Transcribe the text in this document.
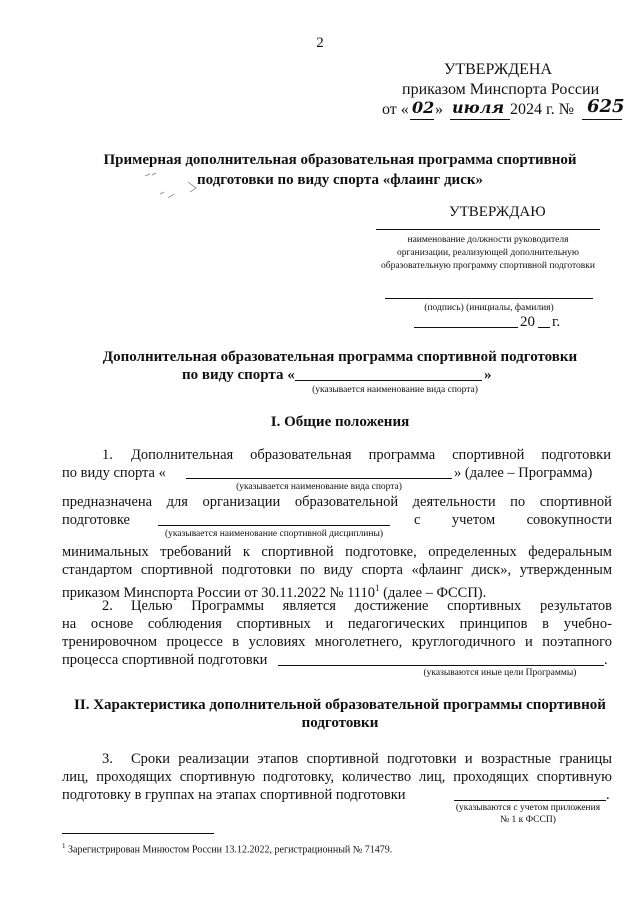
2
УТВЕРЖДЕНА
приказом Минспорта России
от « 02 » июля 2024 г. № 625
Примерная дополнительная образовательная программа спортивной
подготовки по виду спорта «флаинг диск»
УТВЕРЖДАЮ
наименование должности руководителя
организации, реализующей дополнительную
образовательную программу спортивной подготовки
(подпись) (инициалы, фамилия)
20 г.
Дополнительная образовательная программа спортивной подготовки
по виду спорта «	»
(указывается наименование вида спорта)
I. Общие положения
1. Дополнительная образовательная программа спортивной подготовки
по виду спорта «	» (далее – Программа)
(указывается наименование вида спорта)
предназначена для организации образовательной деятельности по спортивной
подготовке	с учетом совокупности
(указывается наименование спортивной дисциплины)
минимальных требований к спортивной подготовке, определенных федеральным
стандартом спортивной подготовки по виду спорта «флаинг диск», утвержденным
приказом Минспорта России от 30.11.2022 № 1110$^1$ (далее – ФССП).
2. Целью Программы является достижение спортивных результатов
на основе соблюдения спортивных и педагогических принципов в учебно-
тренировочном процессе в условиях многолетнего, круглогодичного и поэтапного
процесса спортивной подготовки	.
(указываются иные цели Программы)
II. Характеристика дополнительной образовательной программы спортивной
подготовки
3. Сроки реализации этапов спортивной подготовки и возрастные границы
лиц, проходящих спортивную подготовку, количество лиц, проходящих спортивную
подготовку в группах на этапах спортивной подготовки	.
(указываются с учетом приложения
№ 1 к ФССП)
$^1$ Зарегистрирован Минюстом России 13.12.2022, регистрационный № 71479.
